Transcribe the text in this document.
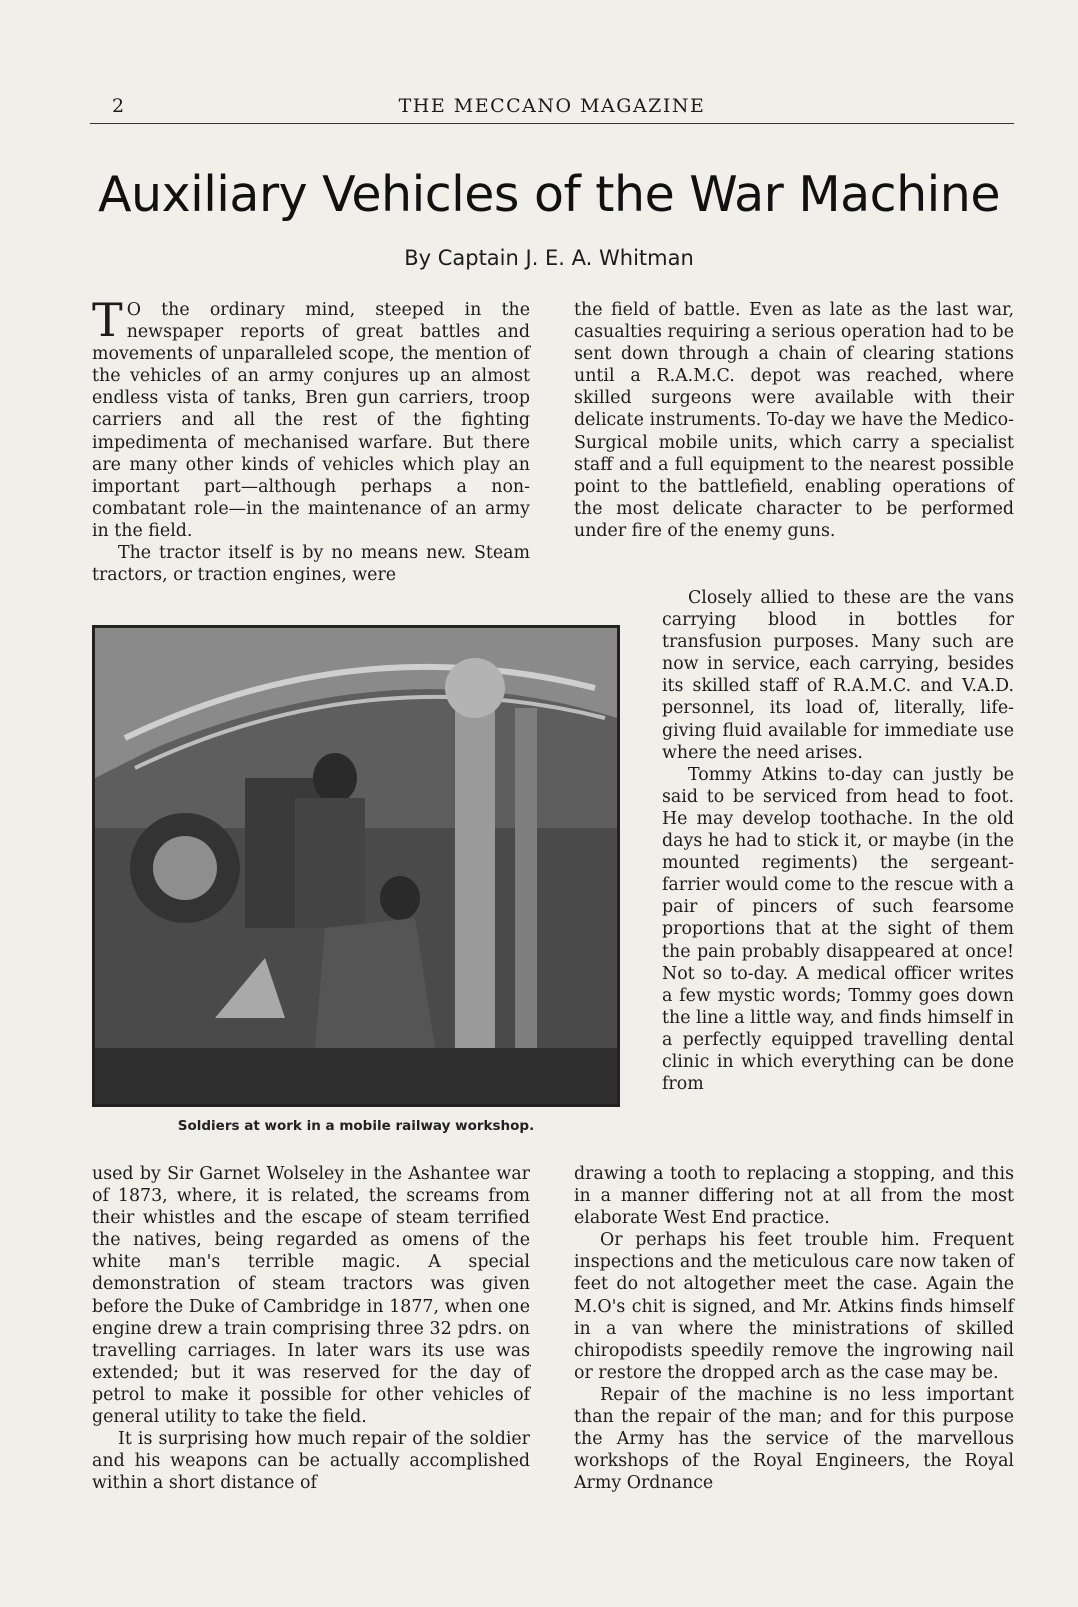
2	THE MECCANO MAGAZINE
Auxiliary Vehicles of the War Machine
By Captain J. E. A. Whitman

T O the ordinary mind, steeped in the newspaper reports of great battles and movements of unparalleled scope, the mention of the vehicles of an army conjures up an almost endless vista of tanks, Bren gun carriers, troop carriers and all the rest of the fighting impedimenta of mechanised warfare. But there are many other kinds of vehicles which play an important part—although perhaps a non-combatant role—in the maintenance of an army in the field.

The tractor itself is by no means new. Steam tractors, or traction engines, were

Soldiers at work in a mobile railway workshop.

used by Sir Garnet Wolseley in the Ashantee war of 1873, where, it is related, the screams from their whistles and the escape of steam terrified the natives, being regarded as omens of the white man's terrible magic. A special demonstration of steam tractors was given before the Duke of Cambridge in 1877, when one engine drew a train comprising three 32 pdrs. on travelling carriages. In later wars its use was extended; but it was reserved for the day of petrol to make it possible for other vehicles of general utility to take the field.

It is surprising how much repair of the soldier and his weapons can be actually accomplished within a short distance of

the field of battle. Even as late as the last war, casualties requiring a serious operation had to be sent down through a chain of clearing stations until a R.A.M.C. depot was reached, where skilled surgeons were available with their delicate instruments. To-day we have the Medico-Surgical mobile units, which carry a specialist staff and a full equipment to the nearest possible point to the battlefield, enabling operations of the most delicate character to be performed under fire of the enemy guns.

Closely allied to these are the vans carrying blood in bottles for transfusion purposes. Many such are now in service, each carrying, besides its skilled staff of R.A.M.C. and V.A.D. personnel, its load of, literally, life-giving fluid available for immediate use where the need arises.

Tommy Atkins to-day can justly be said to be serviced from head to foot. He may develop toothache. In the old days he had to stick it, or maybe (in the mounted regiments) the sergeant-farrier would come to the rescue with a pair of pincers of such fearsome proportions that at the sight of them the pain probably disappeared at once! Not so to-day. A medical officer writes a few mystic words; Tommy goes down the line a little way, and finds himself in a perfectly equipped travelling dental clinic in which everything can be done from

drawing a tooth to replacing a stopping, and this in a manner differing not at all from the most elaborate West End practice.

Or perhaps his feet trouble him. Frequent inspections and the meticulous care now taken of feet do not altogether meet the case. Again the M.O's chit is signed, and Mr. Atkins finds himself in a van where the ministrations of skilled chiropodists speedily remove the ingrowing nail or restore the dropped arch as the case may be.

Repair of the machine is no less important than the repair of the man; and for this purpose the Army has the service of the marvellous workshops of the Royal Engineers, the Royal Army Ordnance
